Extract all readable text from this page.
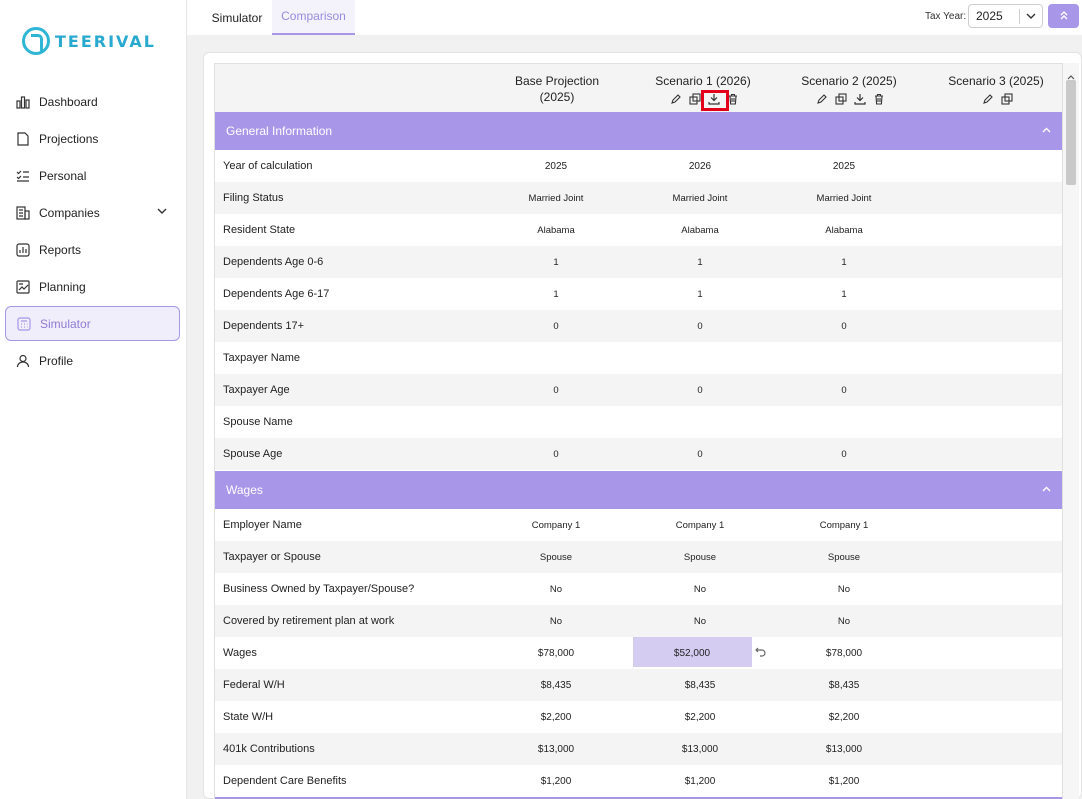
TEERIVAL
Dashboard
Projections
Personal
Companies
Reports
Planning
Simulator
Profile
Simulator	Comparison	Tax Year: 2025
Base Projection
(2025)
Scenario 1 (2026)	Scenario 2 (2025)	Scenario 3 (2025)
General Information
Year of calculation	2025	2026	2025
Filing Status	Married Joint	Married Joint	Married Joint
Resident State	Alabama	Alabama	Alabama
Dependents Age 0-6	1	1	1
Dependents Age 6-17	1	1	1
Dependents 17+	0	0	0
Taxpayer Name
Taxpayer Age	0	0	0
Spouse Name
Spouse Age	0	0	0
Wages
Employer Name	Company 1	Company 1	Company 1
Taxpayer or Spouse	Spouse	Spouse	Spouse
Business Owned by Taxpayer/Spouse?	No	No	No
Covered by retirement plan at work	No	No	No
Wages	$78,000	$52,000	$78,000
Federal W/H	$8,435	$8,435	$8,435
State W/H	$2,200	$2,200	$2,200
401k Contributions	$13,000	$13,000	$13,000
Dependent Care Benefits	$1,200	$1,200	$1,200
